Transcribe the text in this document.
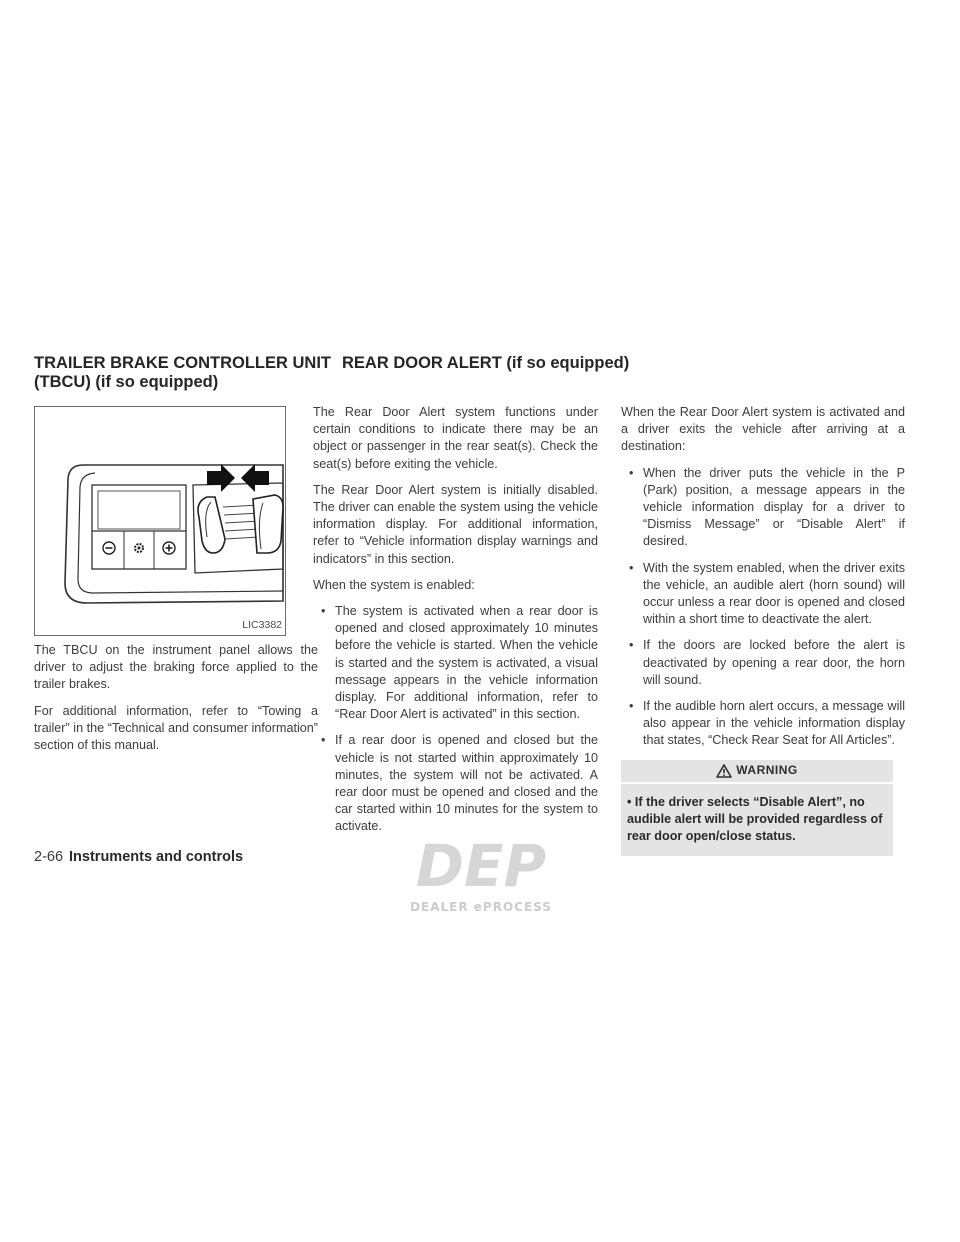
TRAILER BRAKE CONTROLLER UNIT
(TBCU) (if so equipped)
REAR DOOR ALERT (if so equipped)
LIC3382

The TBCU on the instrument panel allows the driver to adjust the braking force applied to the trailer brakes.

For additional information, refer to “Towing a trailer” in the “Technical and consumer information” section of this manual.

The Rear Door Alert system functions under certain conditions to indicate there may be an object or passenger in the rear seat(s). Check the seat(s) before exiting the vehicle.

The Rear Door Alert system is initially disabled. The driver can enable the system using the vehicle information display. For additional information, refer to “Vehicle information display warnings and indicators” in this section.

When the system is enabled:

• The system is activated when a rear door is opened and closed approximately 10 minutes before the vehicle is started. When the vehicle is started and the system is activated, a visual message appears in the vehicle information display. For additional information, refer to “Rear Door Alert is activated” in this section.
• If a rear door is opened and closed but the vehicle is not started within approximately 10 minutes, the system will not be activated. A rear door must be opened and closed and the car started within 10 minutes for the system to activate.

When the Rear Door Alert system is activated and a driver exits the vehicle after arriving at a destination:

• When the driver puts the vehicle in the P (Park) position, a message appears in the vehicle information display for a driver to “Dismiss Message” or “Disable Alert” if desired.
• With the system enabled, when the driver exits the vehicle, an audible alert (horn sound) will occur unless a rear door is opened and closed within a short time to deactivate the alert.
• If the doors are locked before the alert is deactivated by opening a rear door, the horn will sound.
• If the audible horn alert occurs, a message will also appear in the vehicle information display that states, “Check Rear Seat for All Articles”.
WARNING
• If the driver selects “Disable Alert”, no audible alert will be provided regardless of rear door open/close status.
2-66 Instruments and controls	DEP
DEALER ePROCESS
